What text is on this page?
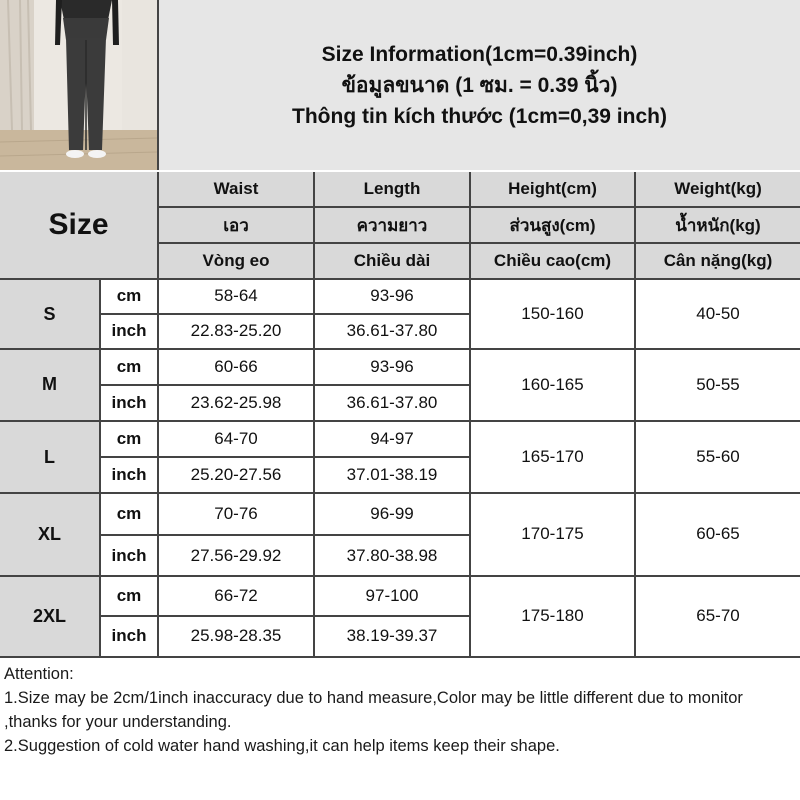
Size Information(1cm=0.39inch)
ข้อมูลขนาด (1 ซม. = 0.39 นิ้ว)
Thông tin kích thước (1cm=0,39 inch)
Size		Waist	Length	Height(cm)	Weight(kg)
		เอว	ความยาว	ส่วนสูง(cm)	น้ำหนัก(kg)
		Vòng eo	Chiều dài	Chiều cao(cm)	Cân nặng(kg)
S	cm	58-64	93-96	150-160	40-50
	inch	22.83-25.20	36.61-37.80		
M	cm	60-66	93-96	160-165	50-55
	inch	23.62-25.98	36.61-37.80		
L	cm	64-70	94-97	165-170	55-60
	inch	25.20-27.56	37.01-38.19		
XL	cm	70-76	96-99	170-175	60-65
	inch	27.56-29.92	37.80-38.98		
2XL	cm	66-72	97-100	175-180	65-70
	inch	25.98-28.35	38.19-39.37		
Attention:
1.Size may be 2cm/1inch inaccuracy due to hand measure,Color may be little different due to monitor ,thanks for your understanding.
2.Suggestion of cold water hand washing,it can help items keep their shape.
